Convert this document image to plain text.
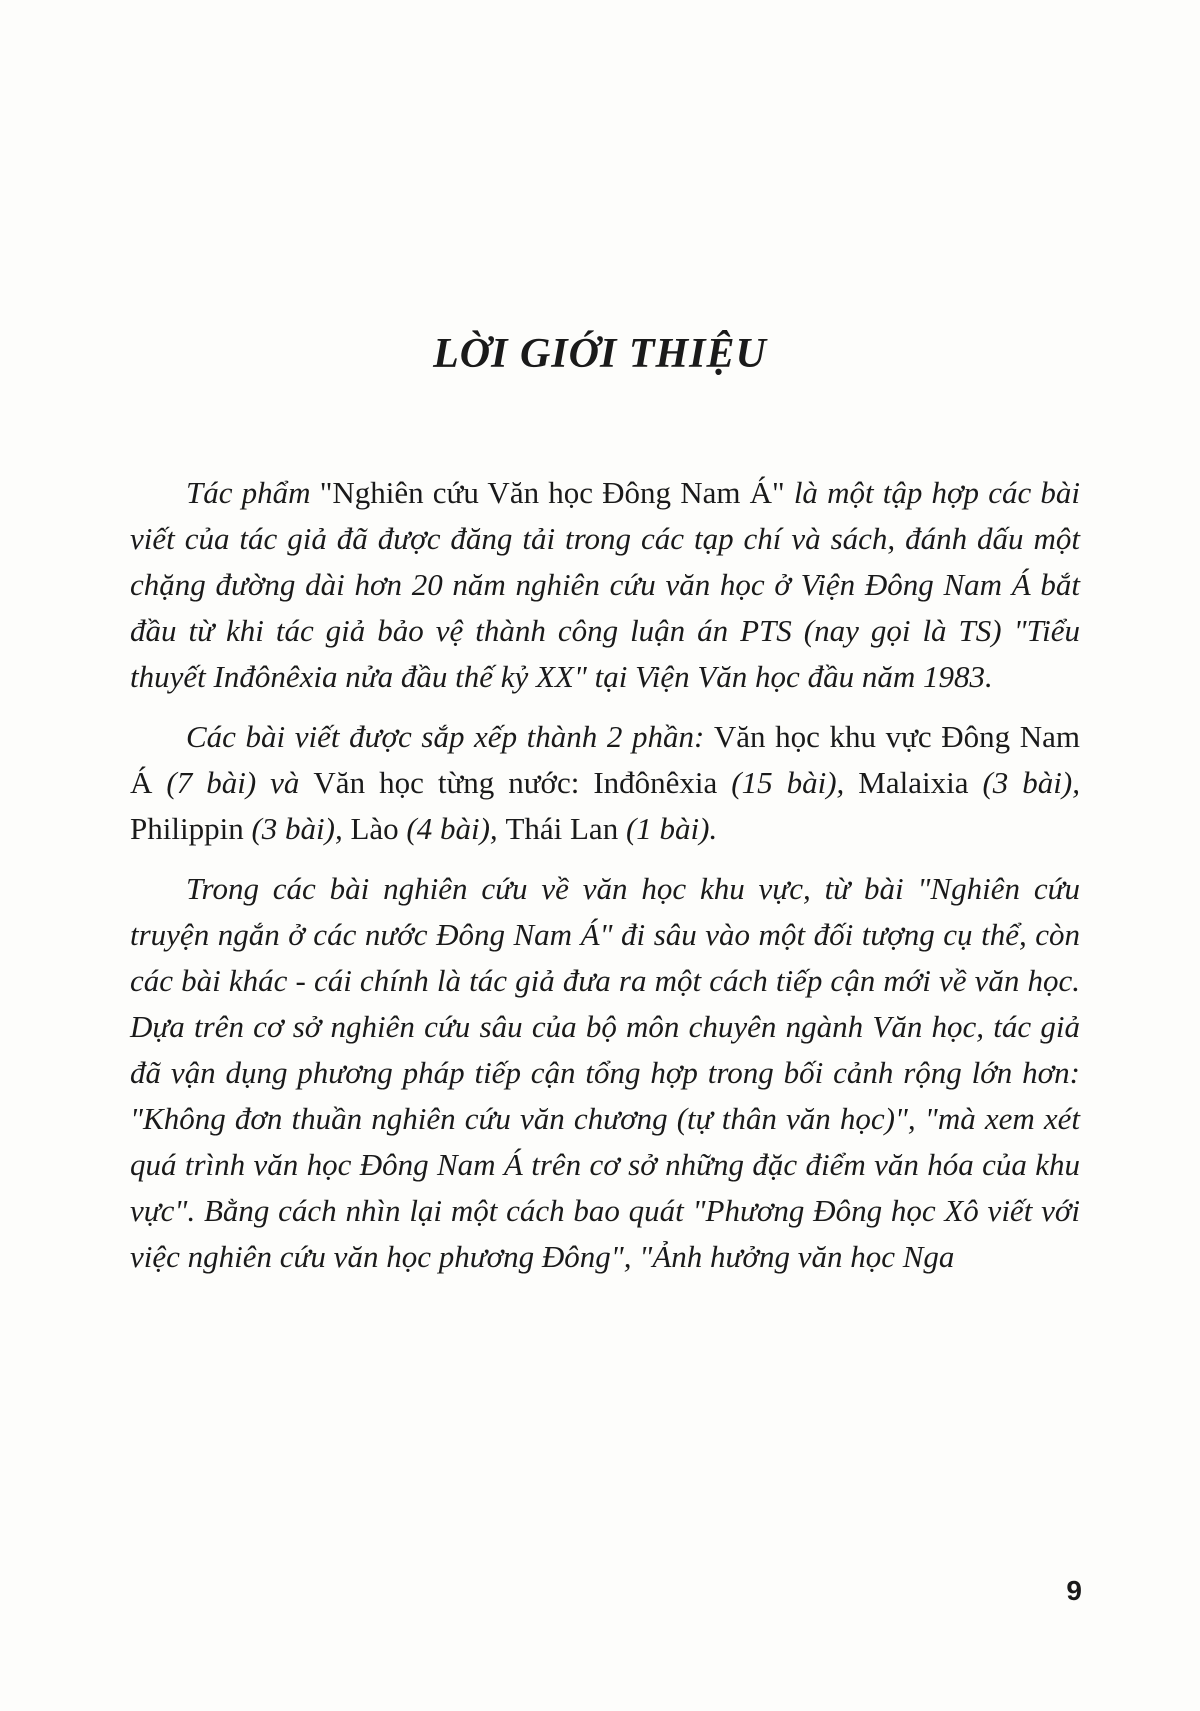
LỜI GIỚI THIỆU

Tác phẩm "Nghiên cứu Văn học Đông Nam Á" là một tập hợp các bài viết của tác giả đã được đăng tải trong các tạp chí và sách, đánh dấu một chặng đường dài hơn 20 năm nghiên cứu văn học ở Viện Đông Nam Á bắt đầu từ khi tác giả bảo vệ thành công luận án PTS (nay gọi là TS) "Tiểu thuyết Inđônêxia nửa đầu thế kỷ XX" tại Viện Văn học đầu năm 1983.

Các bài viết được sắp xếp thành 2 phần: Văn học khu vực Đông Nam Á (7 bài) và Văn học từng nước: Inđônêxia (15 bài), Malaixia (3 bài), Philippin (3 bài), Lào (4 bài), Thái Lan (1 bài).

Trong các bài nghiên cứu về văn học khu vực, từ bài "Nghiên cứu truyện ngắn ở các nước Đông Nam Á" đi sâu vào một đối tượng cụ thể, còn các bài khác - cái chính là tác giả đưa ra một cách tiếp cận mới về văn học. Dựa trên cơ sở nghiên cứu sâu của bộ môn chuyên ngành Văn học, tác giả đã vận dụng phương pháp tiếp cận tổng hợp trong bối cảnh rộng lớn hơn: "Không đơn thuần nghiên cứu văn chương (tự thân văn học)", "mà xem xét quá trình văn học Đông Nam Á trên cơ sở những đặc điểm văn hóa của khu vực". Bằng cách nhìn lại một cách bao quát "Phương Đông học Xô viết với việc nghiên cứu văn học phương Đông", "Ảnh hưởng văn học Nga

9
